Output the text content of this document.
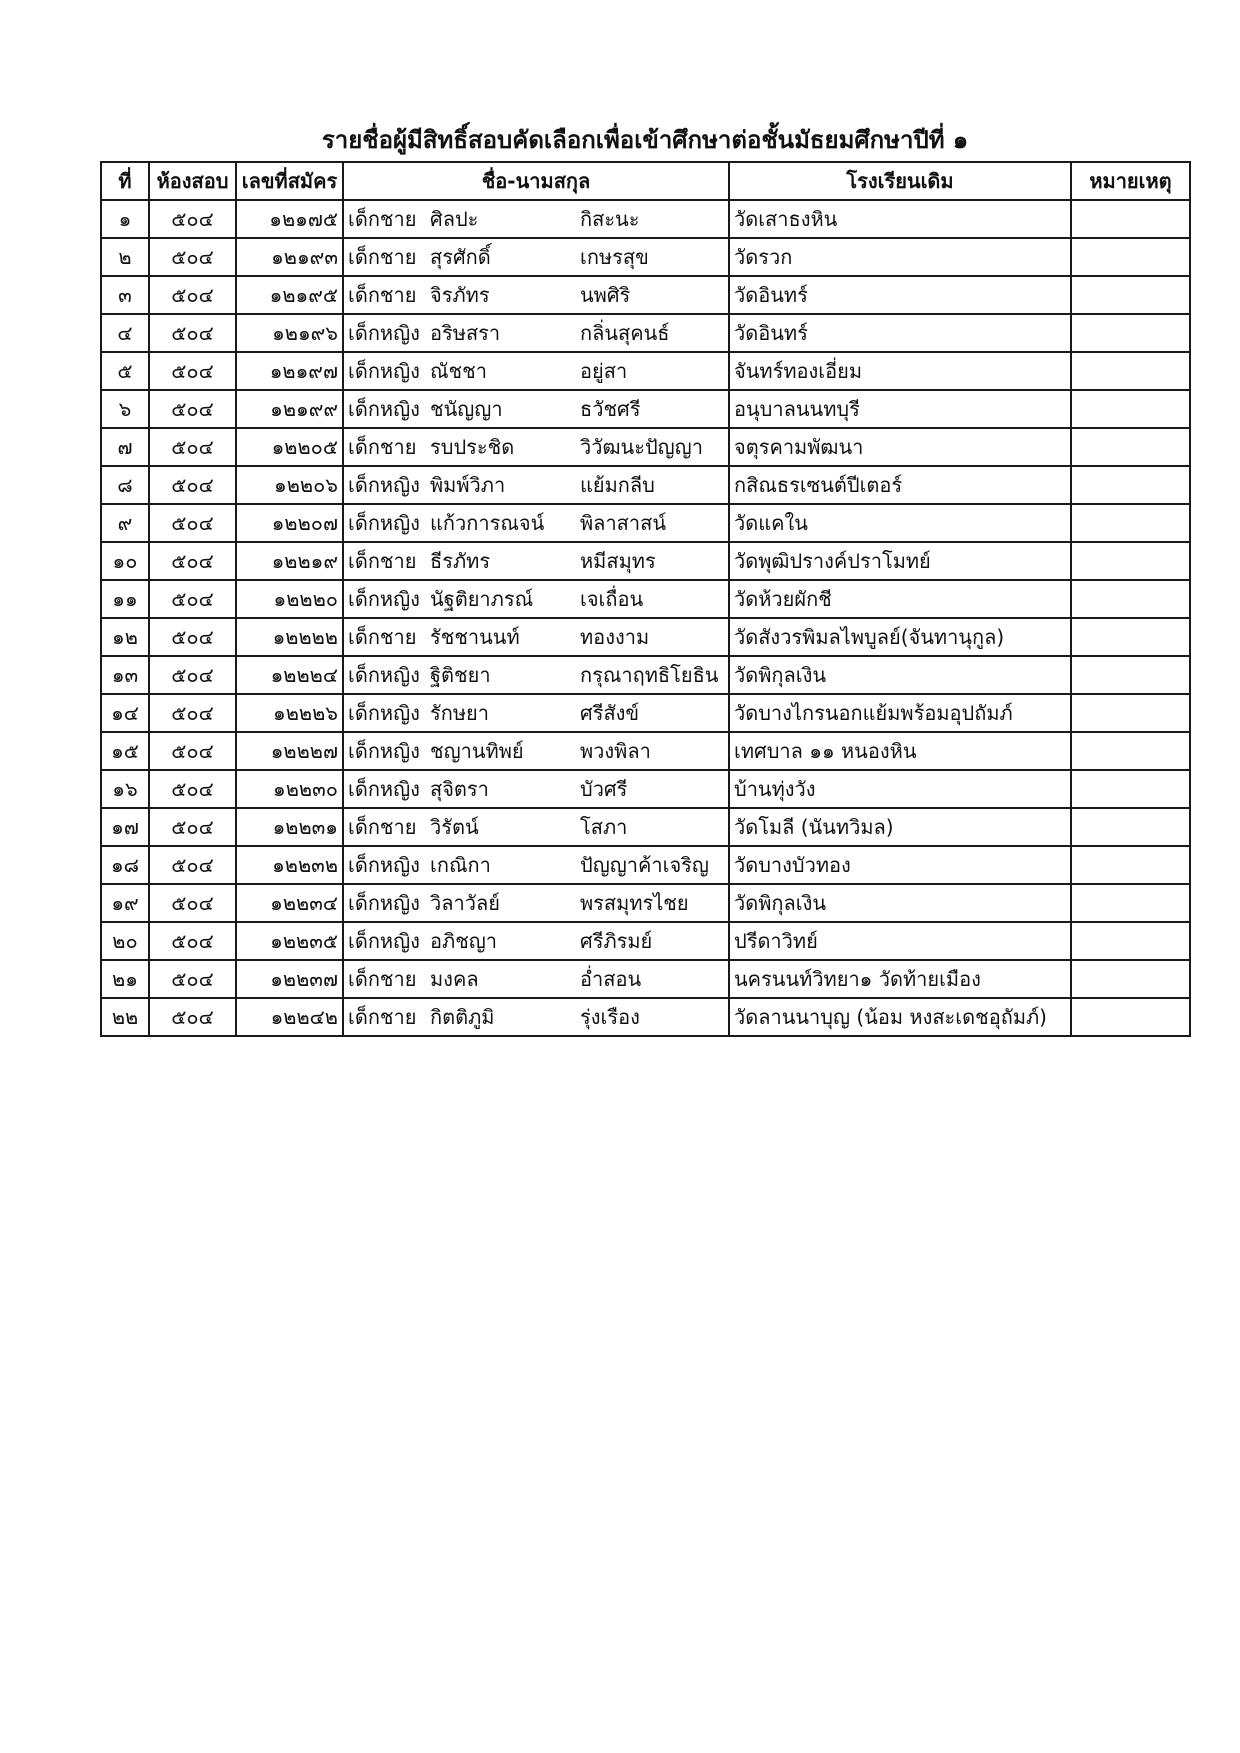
รายชื่อผู้มีสิทธิ์สอบคัดเลือกเพื่อเข้าศึกษาต่อชั้นมัธยมศึกษาปีที่ ๑
ที่	ห้องสอบ	เลขที่สมัคร	ชื่อ-นามสกุล	โรงเรียนเดิม	หมายเหตุ
๑	๕๐๔	๑๒๑๗๕	เด็กชาย ศิลปะ กิสะนะ	วัดเสาธงหิน	
๒	๕๐๔	๑๒๑๙๓	เด็กชาย สุรศักดิ์ เกษรสุข	วัดรวก	
๓	๕๐๔	๑๒๑๙๕	เด็กชาย จิรภัทร นพศิริ	วัดอินทร์	
๔	๕๐๔	๑๒๑๙๖	เด็กหญิง อริษสรา กลิ่นสุคนธ์	วัดอินทร์	
๕	๕๐๔	๑๒๑๙๗	เด็กหญิง ณัชชา อยู่สา	จันทร์ทองเอี่ยม	
๖	๕๐๔	๑๒๑๙๙	เด็กหญิง ชนัญญา ธวัชศรี	อนุบาลนนทบุรี	
๗	๕๐๔	๑๒๒๐๕	เด็กชาย รบประชิด วิวัฒนะปัญญา	จตุรคามพัฒนา	
๘	๕๐๔	๑๒๒๐๖	เด็กหญิง พิมพ์วิภา แย้มกลีบ	กสิณธรเซนต์ปีเตอร์	
๙	๕๐๔	๑๒๒๐๗	เด็กหญิง แก้วการณจน์ พิลาสาสน์	วัดแคใน	
๑๐	๕๐๔	๑๒๒๑๙	เด็กชาย ธีรภัทร หมีสมุทร	วัดพุฒิปรางค์ปราโมทย์	
๑๑	๕๐๔	๑๒๒๒๐	เด็กหญิง นัฐติยาภรณ์ เจเถื่อน	วัดห้วยผักชี	
๑๒	๕๐๔	๑๒๒๒๒	เด็กชาย รัชชานนท์ ทองงาม	วัดสังวรพิมลไพบูลย์(จันทานุกูล)	
๑๓	๕๐๔	๑๒๒๒๔	เด็กหญิง ฐิติชยา กรุณาฤทธิโยธิน	วัดพิกุลเงิน	
๑๔	๕๐๔	๑๒๒๒๖	เด็กหญิง รักษยา ศรีสังข์	วัดบางไกรนอกแย้มพร้อมอุปถัมภ์	
๑๕	๕๐๔	๑๒๒๒๗	เด็กหญิง ชญานทิพย์ พวงพิลา	เทศบาล ๑๑ หนองหิน	
๑๖	๕๐๔	๑๒๒๓๐	เด็กหญิง สุจิตรา บัวศรี	บ้านทุ่งวัง	
๑๗	๕๐๔	๑๒๒๓๑	เด็กชาย วิรัตน์ โสภา	วัดโมลี (นันทวิมล)	
๑๘	๕๐๔	๑๒๒๓๒	เด็กหญิง เกณิกา ปัญญาค้าเจริญ	วัดบางบัวทอง	
๑๙	๕๐๔	๑๒๒๓๔	เด็กหญิง วิลาวัลย์ พรสมุทรไชย	วัดพิกุลเงิน	
๒๐	๕๐๔	๑๒๒๓๕	เด็กหญิง อภิชญา ศรีภิรมย์	ปรีดาวิทย์	
๒๑	๕๐๔	๑๒๒๓๗	เด็กชาย มงคล อ่ำสอน	นครนนท์วิทยา๑ วัดท้ายเมือง	
๒๒	๕๐๔	๑๒๒๔๒	เด็กชาย กิตติภูมิ รุ่งเรือง	วัดลานนาบุญ (น้อม หงสะเดชอุถัมภ์)	
